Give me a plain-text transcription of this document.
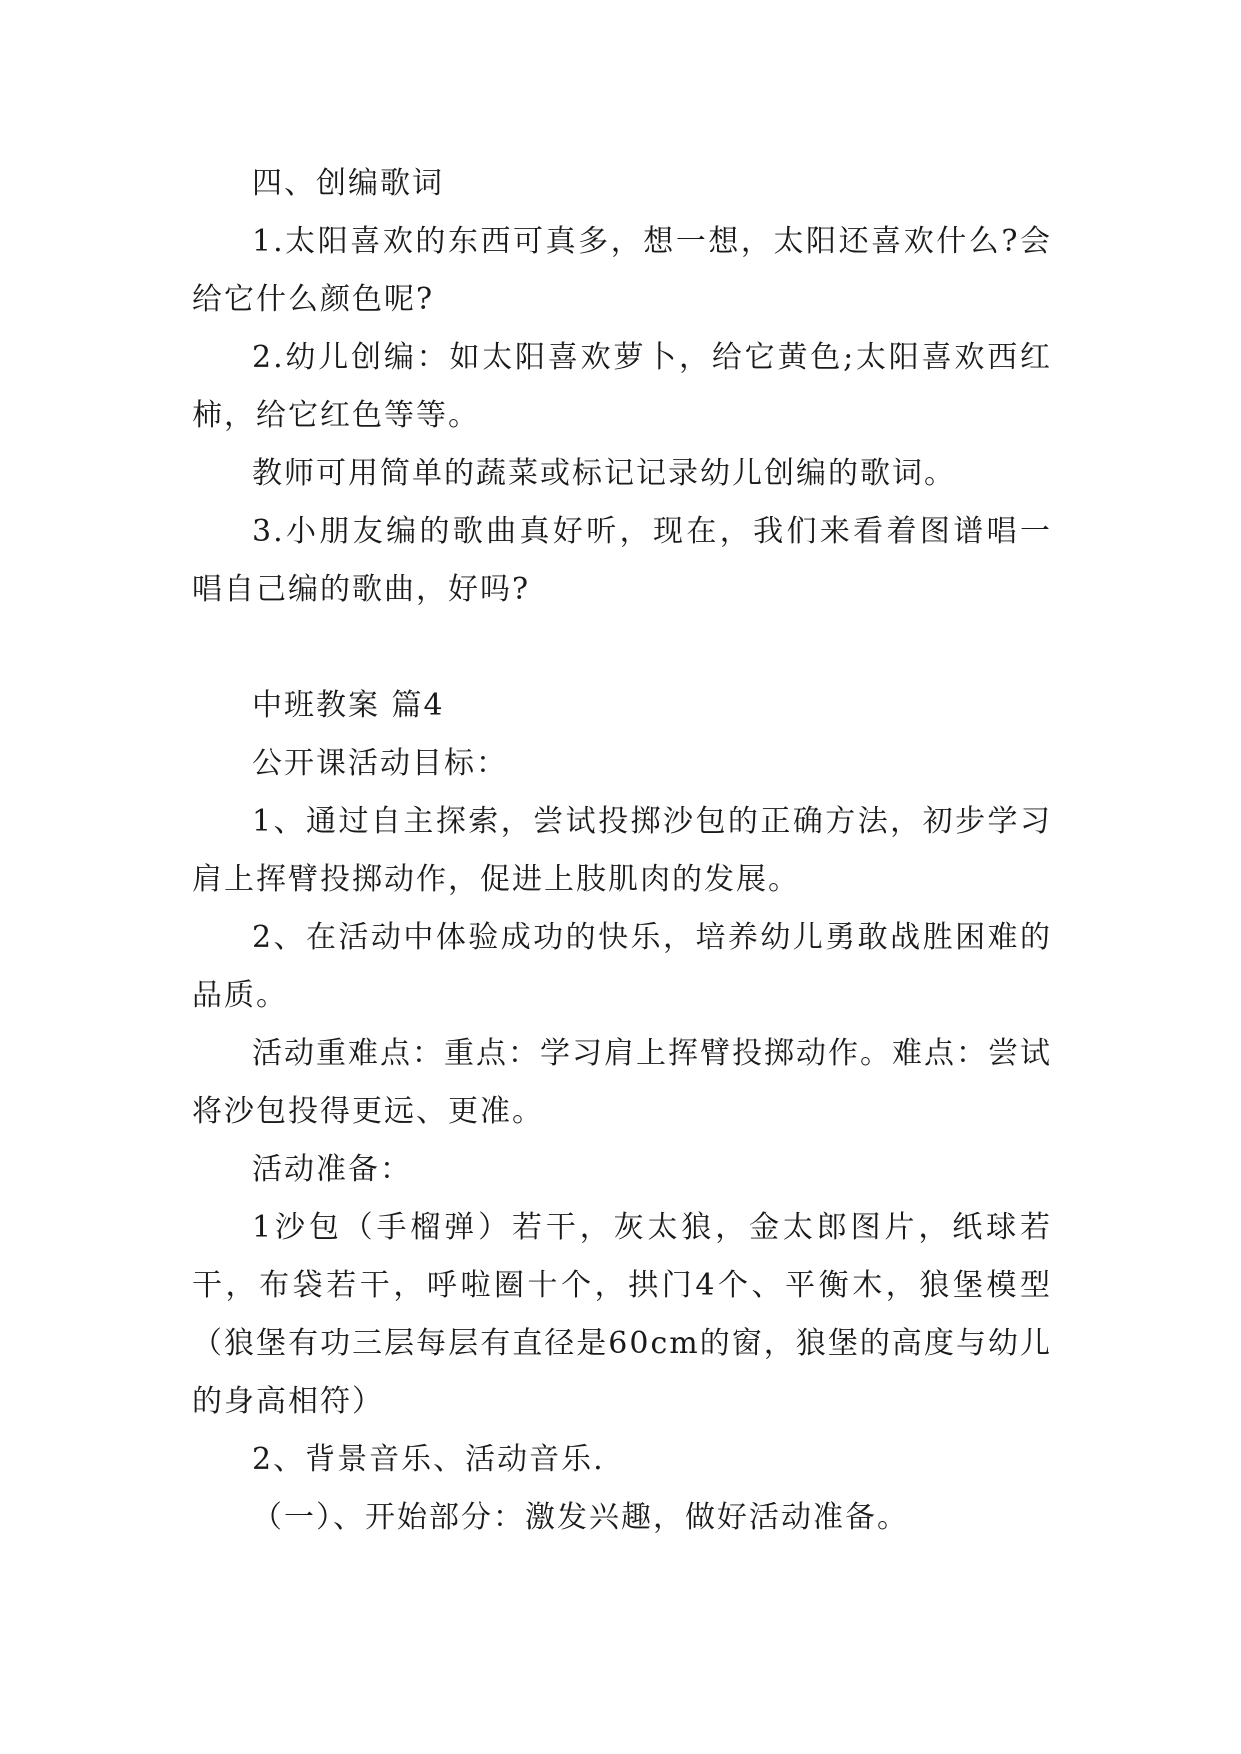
四、创编歌词

1.太阳喜欢的东西可真多，想一想，太阳还喜欢什么?会给它什么颜色呢?

2.幼儿创编：如太阳喜欢萝卜，给它黄色;太阳喜欢西红柿，给它红色等等。

教师可用简单的蔬菜或标记记录幼儿创编的歌词。

3.小朋友编的歌曲真好听，现在，我们来看着图谱唱一唱自己编的歌曲，好吗?

中班教案 篇4

公开课活动目标：

1、通过自主探索，尝试投掷沙包的正确方法，初步学习肩上挥臂投掷动作，促进上肢肌肉的发展。

2、在活动中体验成功的快乐，培养幼儿勇敢战胜困难的品质。

活动重难点：重点：学习肩上挥臂投掷动作。难点：尝试将沙包投得更远、更准。

活动准备：

1沙包（手榴弹）若干，灰太狼，金太郎图片，纸球若干，布袋若干，呼啦圈十个，拱门4个、平衡木，狼堡模型（狼堡有功三层每层有直径是60cm的窗，狼堡的高度与幼儿的身高相符）

2、背景音乐、活动音乐.

（一）、开始部分：激发兴趣，做好活动准备。
